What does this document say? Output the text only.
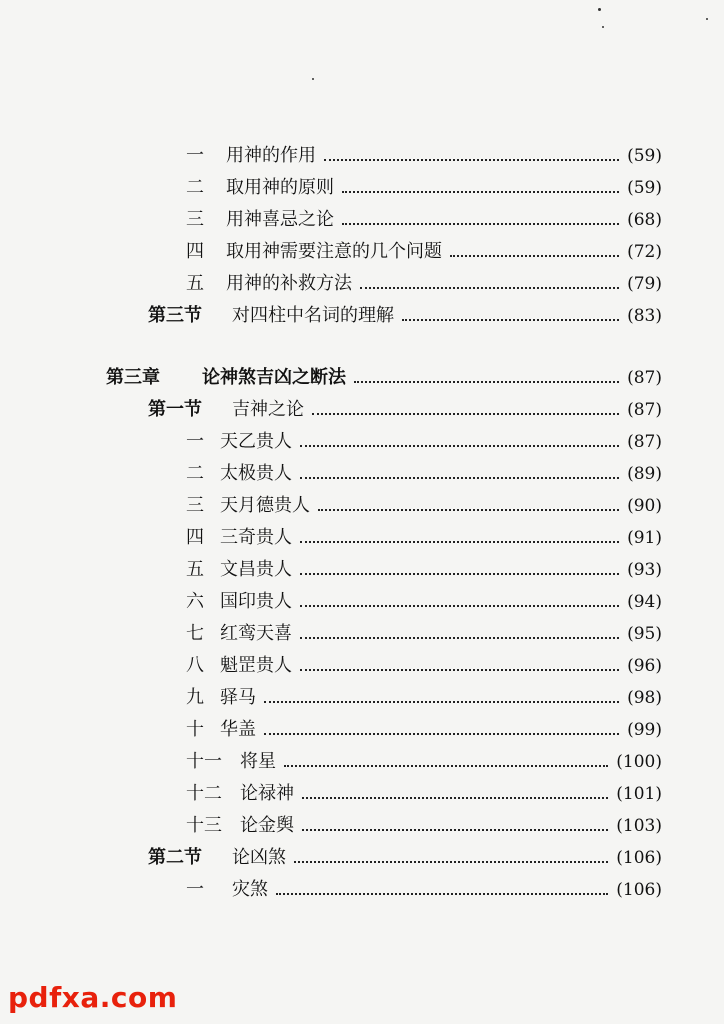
一	用神的作用	(59)
二	取用神的原则	(59)
三	用神喜忌之论	(68)
四	取用神需要注意的几个问题	(72)
五	用神的补救方法	(79)
第三节	对四柱中名词的理解	(83)
第三章	论神煞吉凶之断法	(87)
第一节	吉神之论	(87)
一 天乙贵人	(87)
二 太极贵人	(89)
三 天月德贵人	(90)
四 三奇贵人	(91)
五 文昌贵人	(93)
六 国印贵人	(94)
七 红鸾天喜	(95)
八 魁罡贵人	(96)
九 驿马	(98)
十 华盖	(99)
十一	将星	(100)
十二	论禄神	(101)
十三	论金舆	(103)
第二节	论凶煞	(106)
一	灾煞	(106)
pdfxa.com
